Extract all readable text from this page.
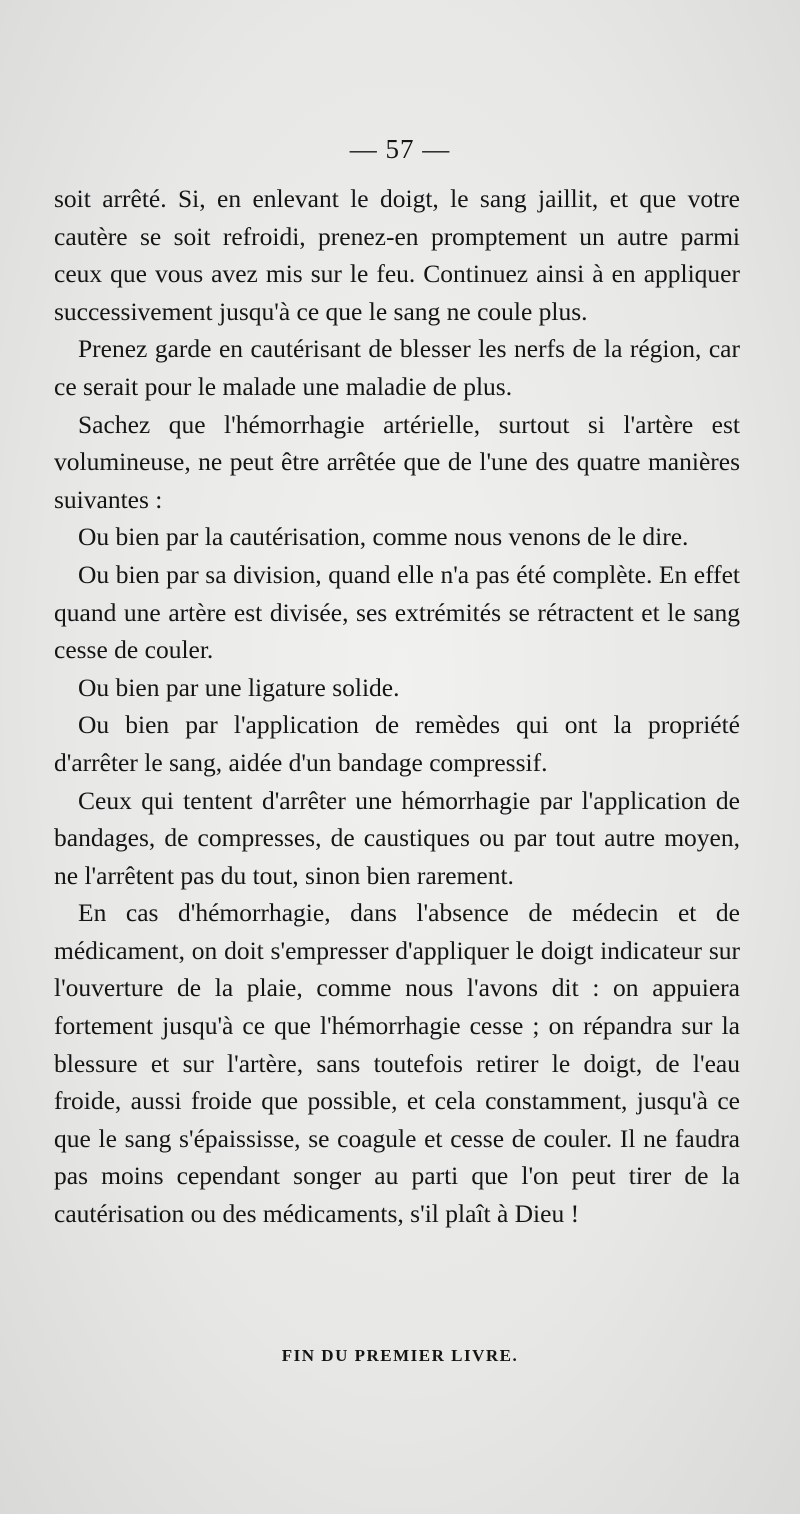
— 57 —

soit arrêté. Si, en enlevant le doigt, le sang jaillit, et que votre cautère se soit refroidi, prenez-en promptement un autre parmi ceux que vous avez mis sur le feu. Continuez ainsi à en appliquer successivement jusqu'à ce que le sang ne coule plus.

Prenez garde en cautérisant de blesser les nerfs de la région, car ce serait pour le malade une maladie de plus.

Sachez que l'hémorrhagie artérielle, surtout si l'artère est volumineuse, ne peut être arrêtée que de l'une des quatre manières suivantes :

Ou bien par la cautérisation, comme nous venons de le dire.

Ou bien par sa division, quand elle n'a pas été complète. En effet quand une artère est divisée, ses extrémités se rétractent et le sang cesse de couler.

Ou bien par une ligature solide.

Ou bien par l'application de remèdes qui ont la propriété d'arrêter le sang, aidée d'un bandage compressif.

Ceux qui tentent d'arrêter une hémorrhagie par l'application de bandages, de compresses, de caustiques ou par tout autre moyen, ne l'arrêtent pas du tout, sinon bien rarement.

En cas d'hémorrhagie, dans l'absence de médecin et de médicament, on doit s'empresser d'appliquer le doigt indicateur sur l'ouverture de la plaie, comme nous l'avons dit : on appuiera fortement jusqu'à ce que l'hémorrhagie cesse ; on répandra sur la blessure et sur l'artère, sans toutefois retirer le doigt, de l'eau froide, aussi froide que possible, et cela constamment, jusqu'à ce que le sang s'épaississe, se coagule et cesse de couler. Il ne faudra pas moins cependant songer au parti que l'on peut tirer de la cautérisation ou des médicaments, s'il plaît à Dieu !

FIN DU PREMIER LIVRE.
